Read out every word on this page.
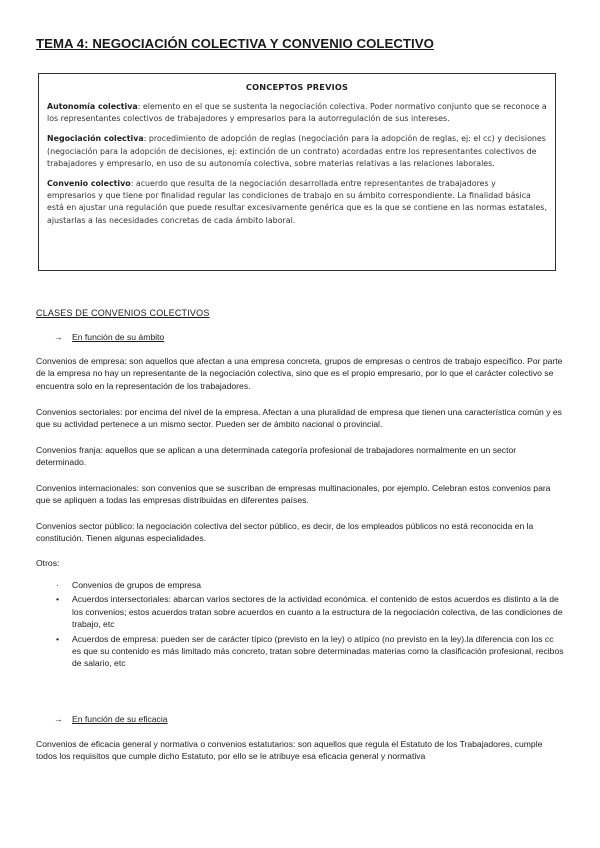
TEMA 4: NEGOCIACIÓN COLECTIVA Y CONVENIO COLECTIVO
CONCEPTOS PREVIOS

Autonomía colectiva: elemento en el que se sustenta la negociación colectiva. Poder normativo conjunto que se reconoce a los representantes colectivos de trabajadores y empresarios para la autorregulación de sus intereses.

Negociación colectiva: procedimiento de adopción de reglas (negociación para la adopción de reglas, ej: el cc) y decisiones (negociación para la adopción de decisiones, ej: extinción de un contrato) acordadas entre los representantes colectivos de trabajadores y empresario, en uso de su autonomía colectiva, sobre materias relativas a las relaciones laborales.

Convenio colectivo: acuerdo que resulta de la negociación desarrollada entre representantes de trabajadores y empresarios y que tiene por finalidad regular las condiciones de trabajo en su ámbito correspondiente. La finalidad básica está en ajustar una regulación que puede resultar excesivamente genérica que es la que se contiene en las normas estatales, ajustarlas a las necesidades concretas de cada ámbito laboral.

CLASES DE CONVENIOS COLECTIVOS
→ En función de su ámbito
Convenios de empresa: son aquellos que afectan a una empresa concreta, grupos de empresas o centros de trabajo específico. Por parte de la empresa no hay un representante de la negociación colectiva, sino que es el propio empresario, por lo que el carácter colectivo se encuentra solo en la representación de los trabajadores.
Convenios sectoriales: por encima del nivel de la empresa. Afectan a una pluralidad de empresa que tienen una característica común y es que su actividad pertenece a un mismo sector. Pueden ser de ámbito nacional o provincial.
Convenios franja: aquellos que se aplican a una determinada categoría profesional de trabajadores normalmente en un sector determinado.
Convenios internacionales: son convenios que se suscriban de empresas multinacionales, por ejemplo. Celebran estos convenios para que se apliquen a todas las empresas distribuidas en diferentes países.
Convenios sector público: la negociación colectiva del sector público, es decir, de los empleados públicos no está reconocida en la constitución. Tienen algunas especialidades.
Otros:
·	Convenios de grupos de empresa
•	Acuerdos intersectoriales: abarcan varios sectores de la actividad económica. el contenido de estos acuerdos es distinto a la de los convenios; estos acuerdos tratan sobre acuerdos en cuanto a la estructura de la negociación colectiva, de las condiciones de trabajo, etc
•	Acuerdos de empresa: pueden ser de carácter típico (previsto en la ley) o atípico (no previsto en la ley).la diferencia con los cc es que su contenido es más limitado más concreto, tratan sobre determinadas materias como la clasificación profesional, recibos de salario, etc
→ En función de su eficacia
Convenios de eficacia general y normativa o convenios estatutarios: son aquellos que regula el Estatuto de los Trabajadores, cumple todos los requisitos que cumple dicho Estatuto, por ello se le atribuye esa eficacia general y normativa
